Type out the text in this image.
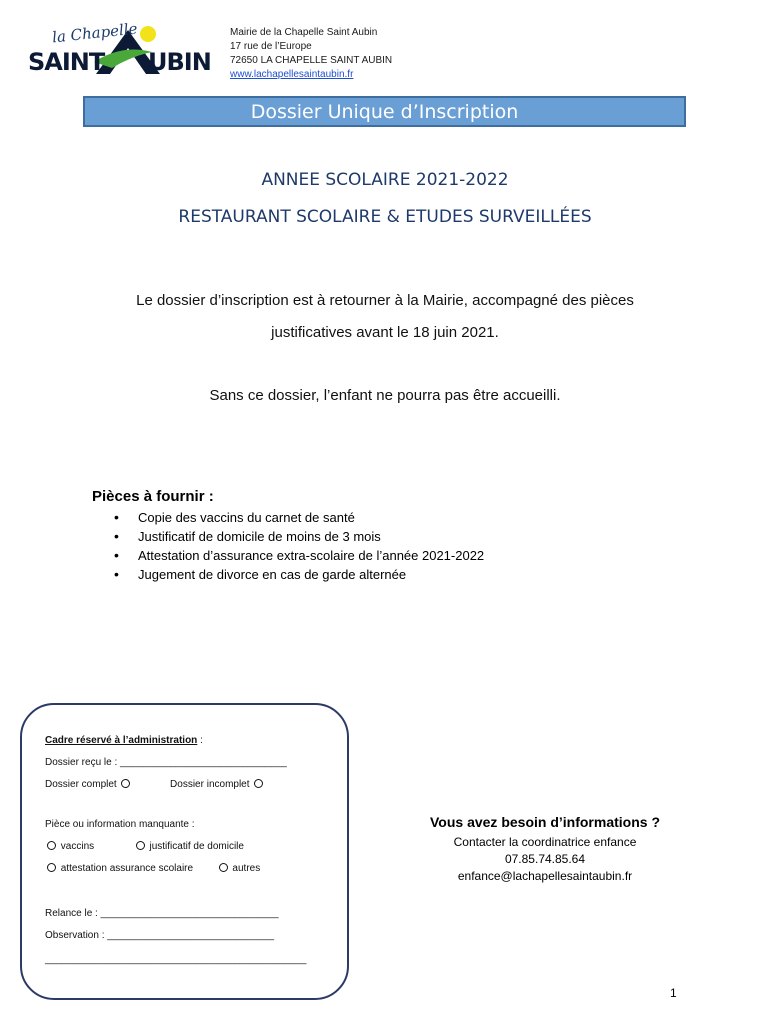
la Chapelle
SAINT UBIN
Mairie de la Chapelle Saint Aubin
17 rue de l’Europe
72650 LA CHAPELLE SAINT AUBIN
www.lachapellesaintaubin.fr
Dossier Unique d’Inscription
ANNEE SCOLAIRE 2021-2022
RESTAURANT SCOLAIRE & ETUDES SURVEILLÉES
Le dossier d’inscription est à retourner à la Mairie, accompagné des pièces
justificatives avant le 18 juin 2021.
Sans ce dossier, l’enfant ne pourra pas être accueilli.
Pièces à fournir :
• Copie des vaccins du carnet de santé
• Justificatif de domicile de moins de 3 mois
• Attestation d’assurance extra-scolaire de l’année 2021-2022
• Jugement de divorce en cas de garde alternée
Cadre réservé à l’administration :
Dossier reçu le : ______________________________
Dossier complet	Dossier incomplet
Pièce ou information manquante :
vaccins	justificatif de domicile
attestation assurance scolaire	autres
Relance le : ________________________________
Observation : ______________________________
_______________________________________________
Vous avez besoin d’informations ?
Contacter la coordinatrice enfance
07.85.74.85.64
enfance@lachapellesaintaubin.fr
1
